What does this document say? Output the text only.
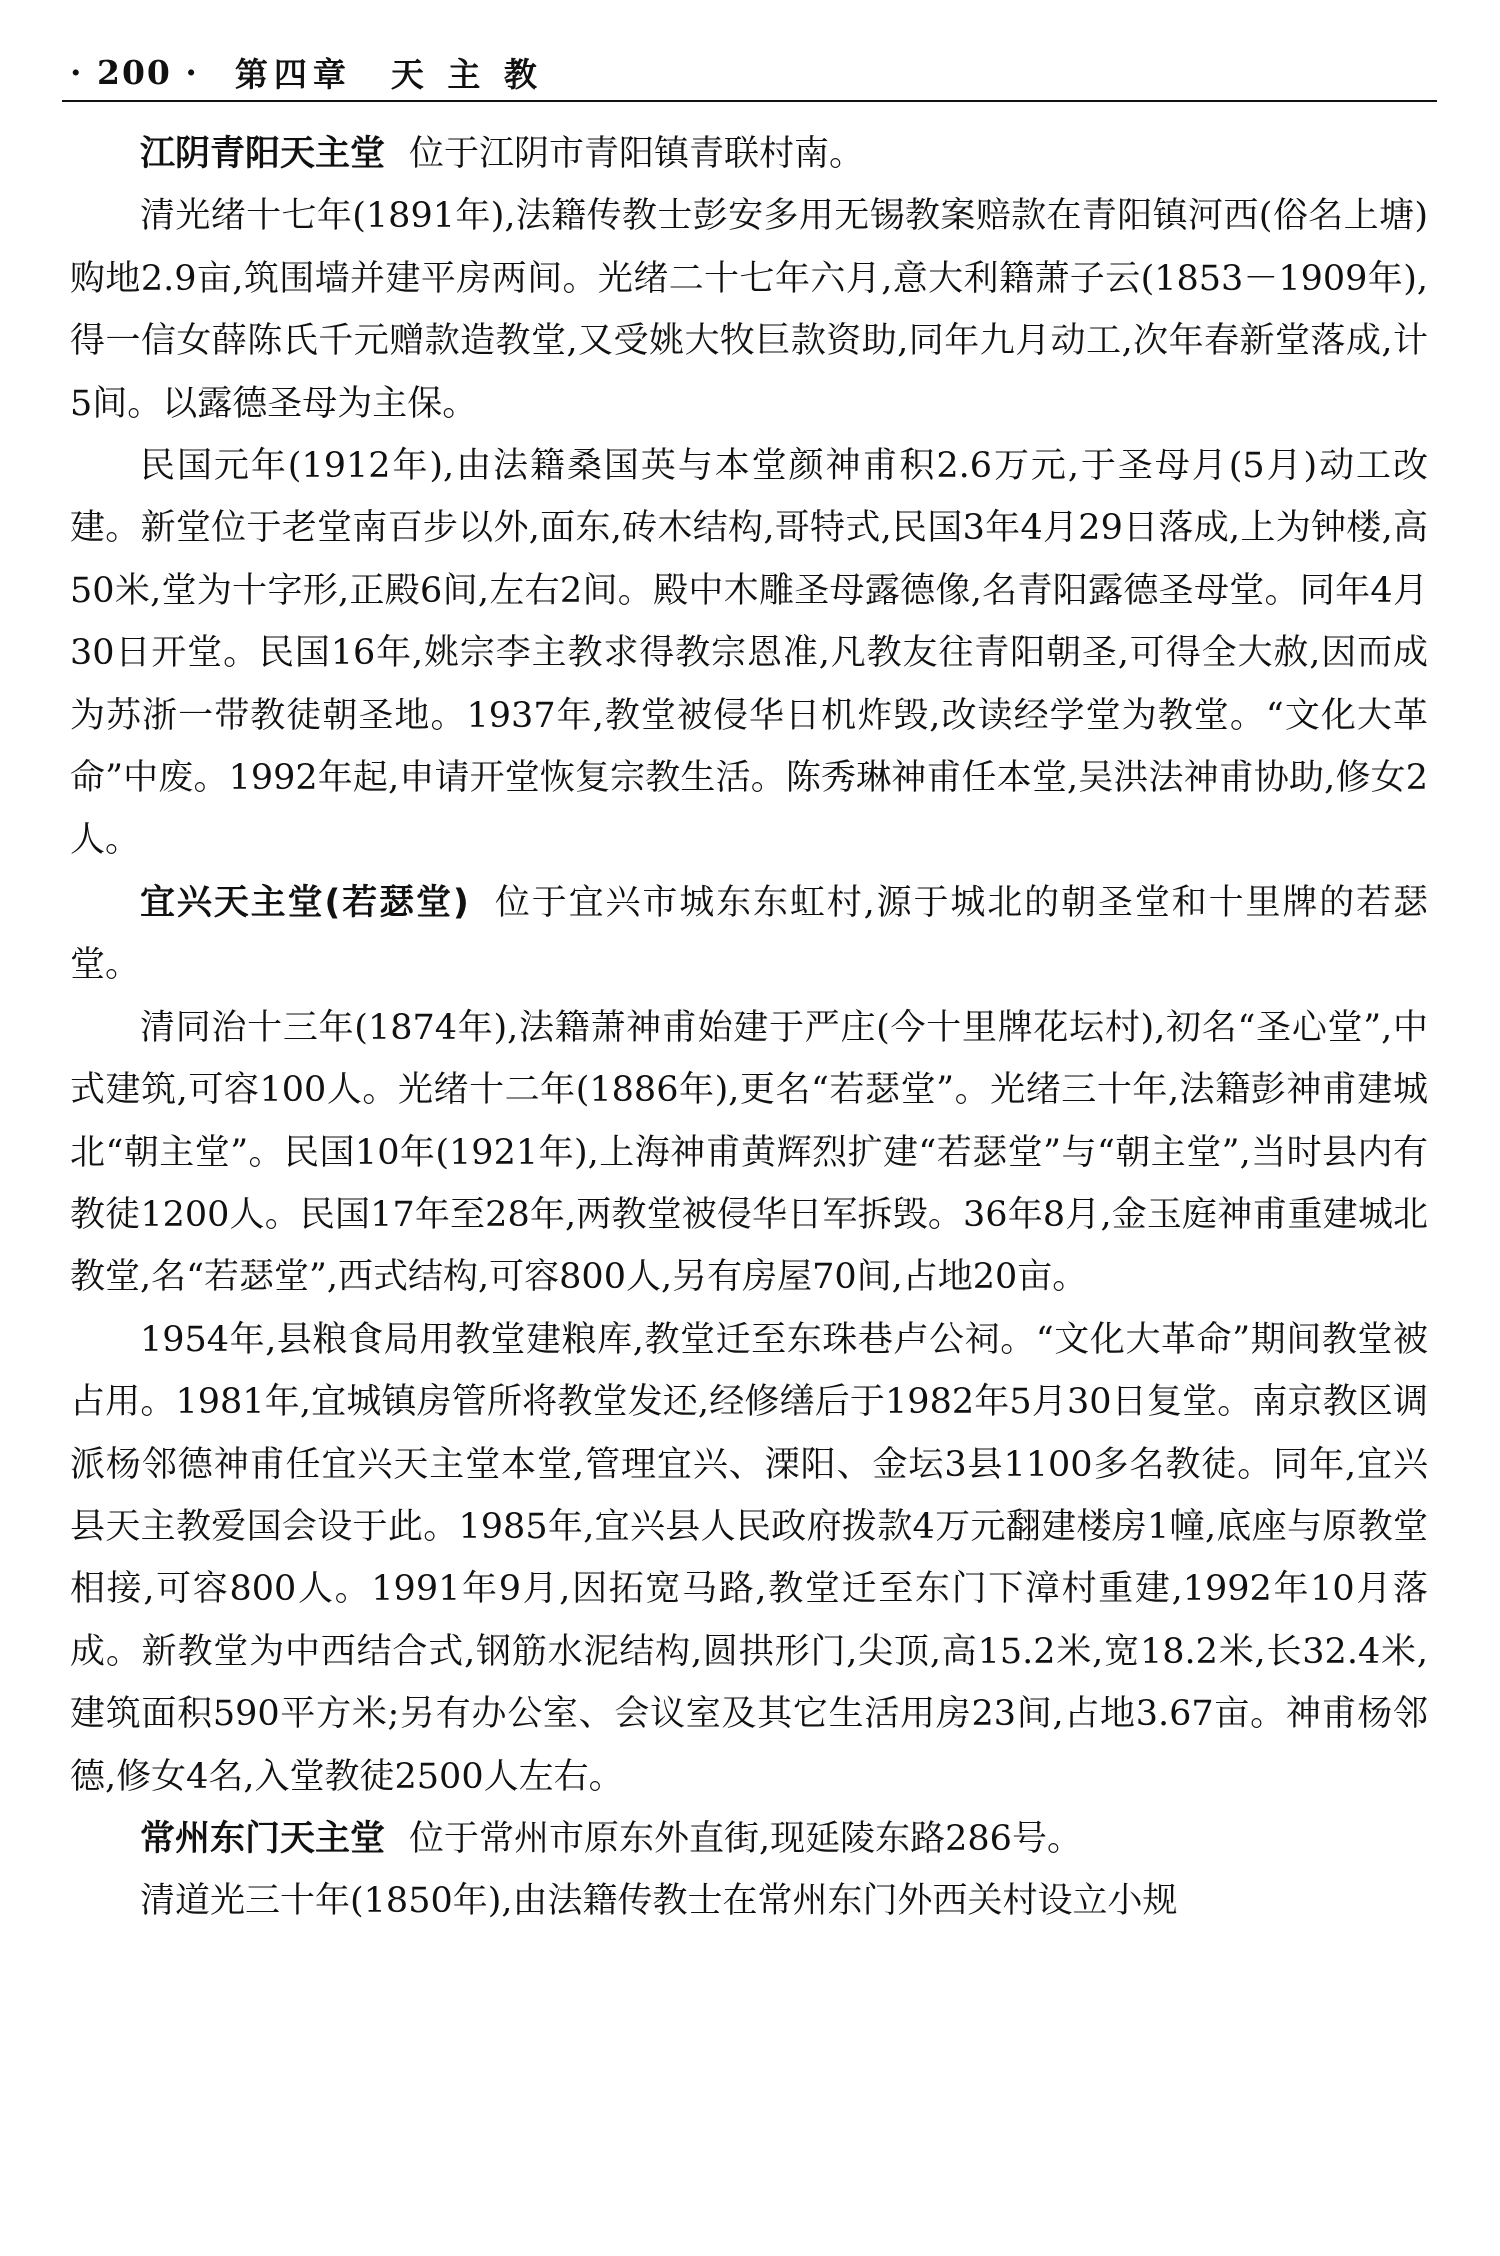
· 200 · 第四章　天 主 教

江阴青阳天主堂 位于江阴市青阳镇青联村南。

清光绪十七年(1891年),法籍传教士彭安多用无锡教案赔款在青阳镇河西(俗名上塘)购地2.9亩,筑围墙并建平房两间。光绪二十七年六月,意大利籍萧子云(1853－1909年),得一信女薛陈氏千元赠款造教堂,又受姚大牧巨款资助,同年九月动工,次年春新堂落成,计5间。以露德圣母为主保。

民国元年(1912年),由法籍桑国英与本堂颜神甫积2.6万元,于圣母月(5月)动工改建。新堂位于老堂南百步以外,面东,砖木结构,哥特式,民国3年4月29日落成,上为钟楼,高50米,堂为十字形,正殿6间,左右2间。殿中木雕圣母露德像,名青阳露德圣母堂。同年4月30日开堂。民国16年,姚宗李主教求得教宗恩准,凡教友往青阳朝圣,可得全大赦,因而成为苏浙一带教徒朝圣地。1937年,教堂被侵华日机炸毁,改读经学堂为教堂。“文化大革命”中废。1992年起,申请开堂恢复宗教生活。陈秀琳神甫任本堂,吴洪法神甫协助,修女2人。

宜兴天主堂(若瑟堂) 位于宜兴市城东东虹村,源于城北的朝圣堂和十里牌的若瑟堂。

清同治十三年(1874年),法籍萧神甫始建于严庄(今十里牌花坛村),初名“圣心堂”,中式建筑,可容100人。光绪十二年(1886年),更名“若瑟堂”。光绪三十年,法籍彭神甫建城北“朝主堂”。民国10年(1921年),上海神甫黄辉烈扩建“若瑟堂”与“朝主堂”,当时县内有教徒1200人。民国17年至28年,两教堂被侵华日军拆毁。36年8月,金玉庭神甫重建城北教堂,名“若瑟堂”,西式结构,可容800人,另有房屋70间,占地20亩。

1954年,县粮食局用教堂建粮库,教堂迁至东珠巷卢公祠。“文化大革命”期间教堂被占用。1981年,宜城镇房管所将教堂发还,经修缮后于1982年5月30日复堂。南京教区调派杨邻德神甫任宜兴天主堂本堂,管理宜兴、溧阳、金坛3县1100多名教徒。同年,宜兴县天主教爱国会设于此。1985年,宜兴县人民政府拨款4万元翻建楼房1幢,底座与原教堂相接,可容800人。1991年9月,因拓宽马路,教堂迁至东门下漳村重建,1992年10月落成。新教堂为中西结合式,钢筋水泥结构,圆拱形门,尖顶,高15.2米,宽18.2米,长32.4米,建筑面积590平方米;另有办公室、会议室及其它生活用房23间,占地3.67亩。神甫杨邻德,修女4名,入堂教徒2500人左右。

常州东门天主堂 位于常州市原东外直街,现延陵东路286号。

清道光三十年(1850年),由法籍传教士在常州东门外西关村设立小规
